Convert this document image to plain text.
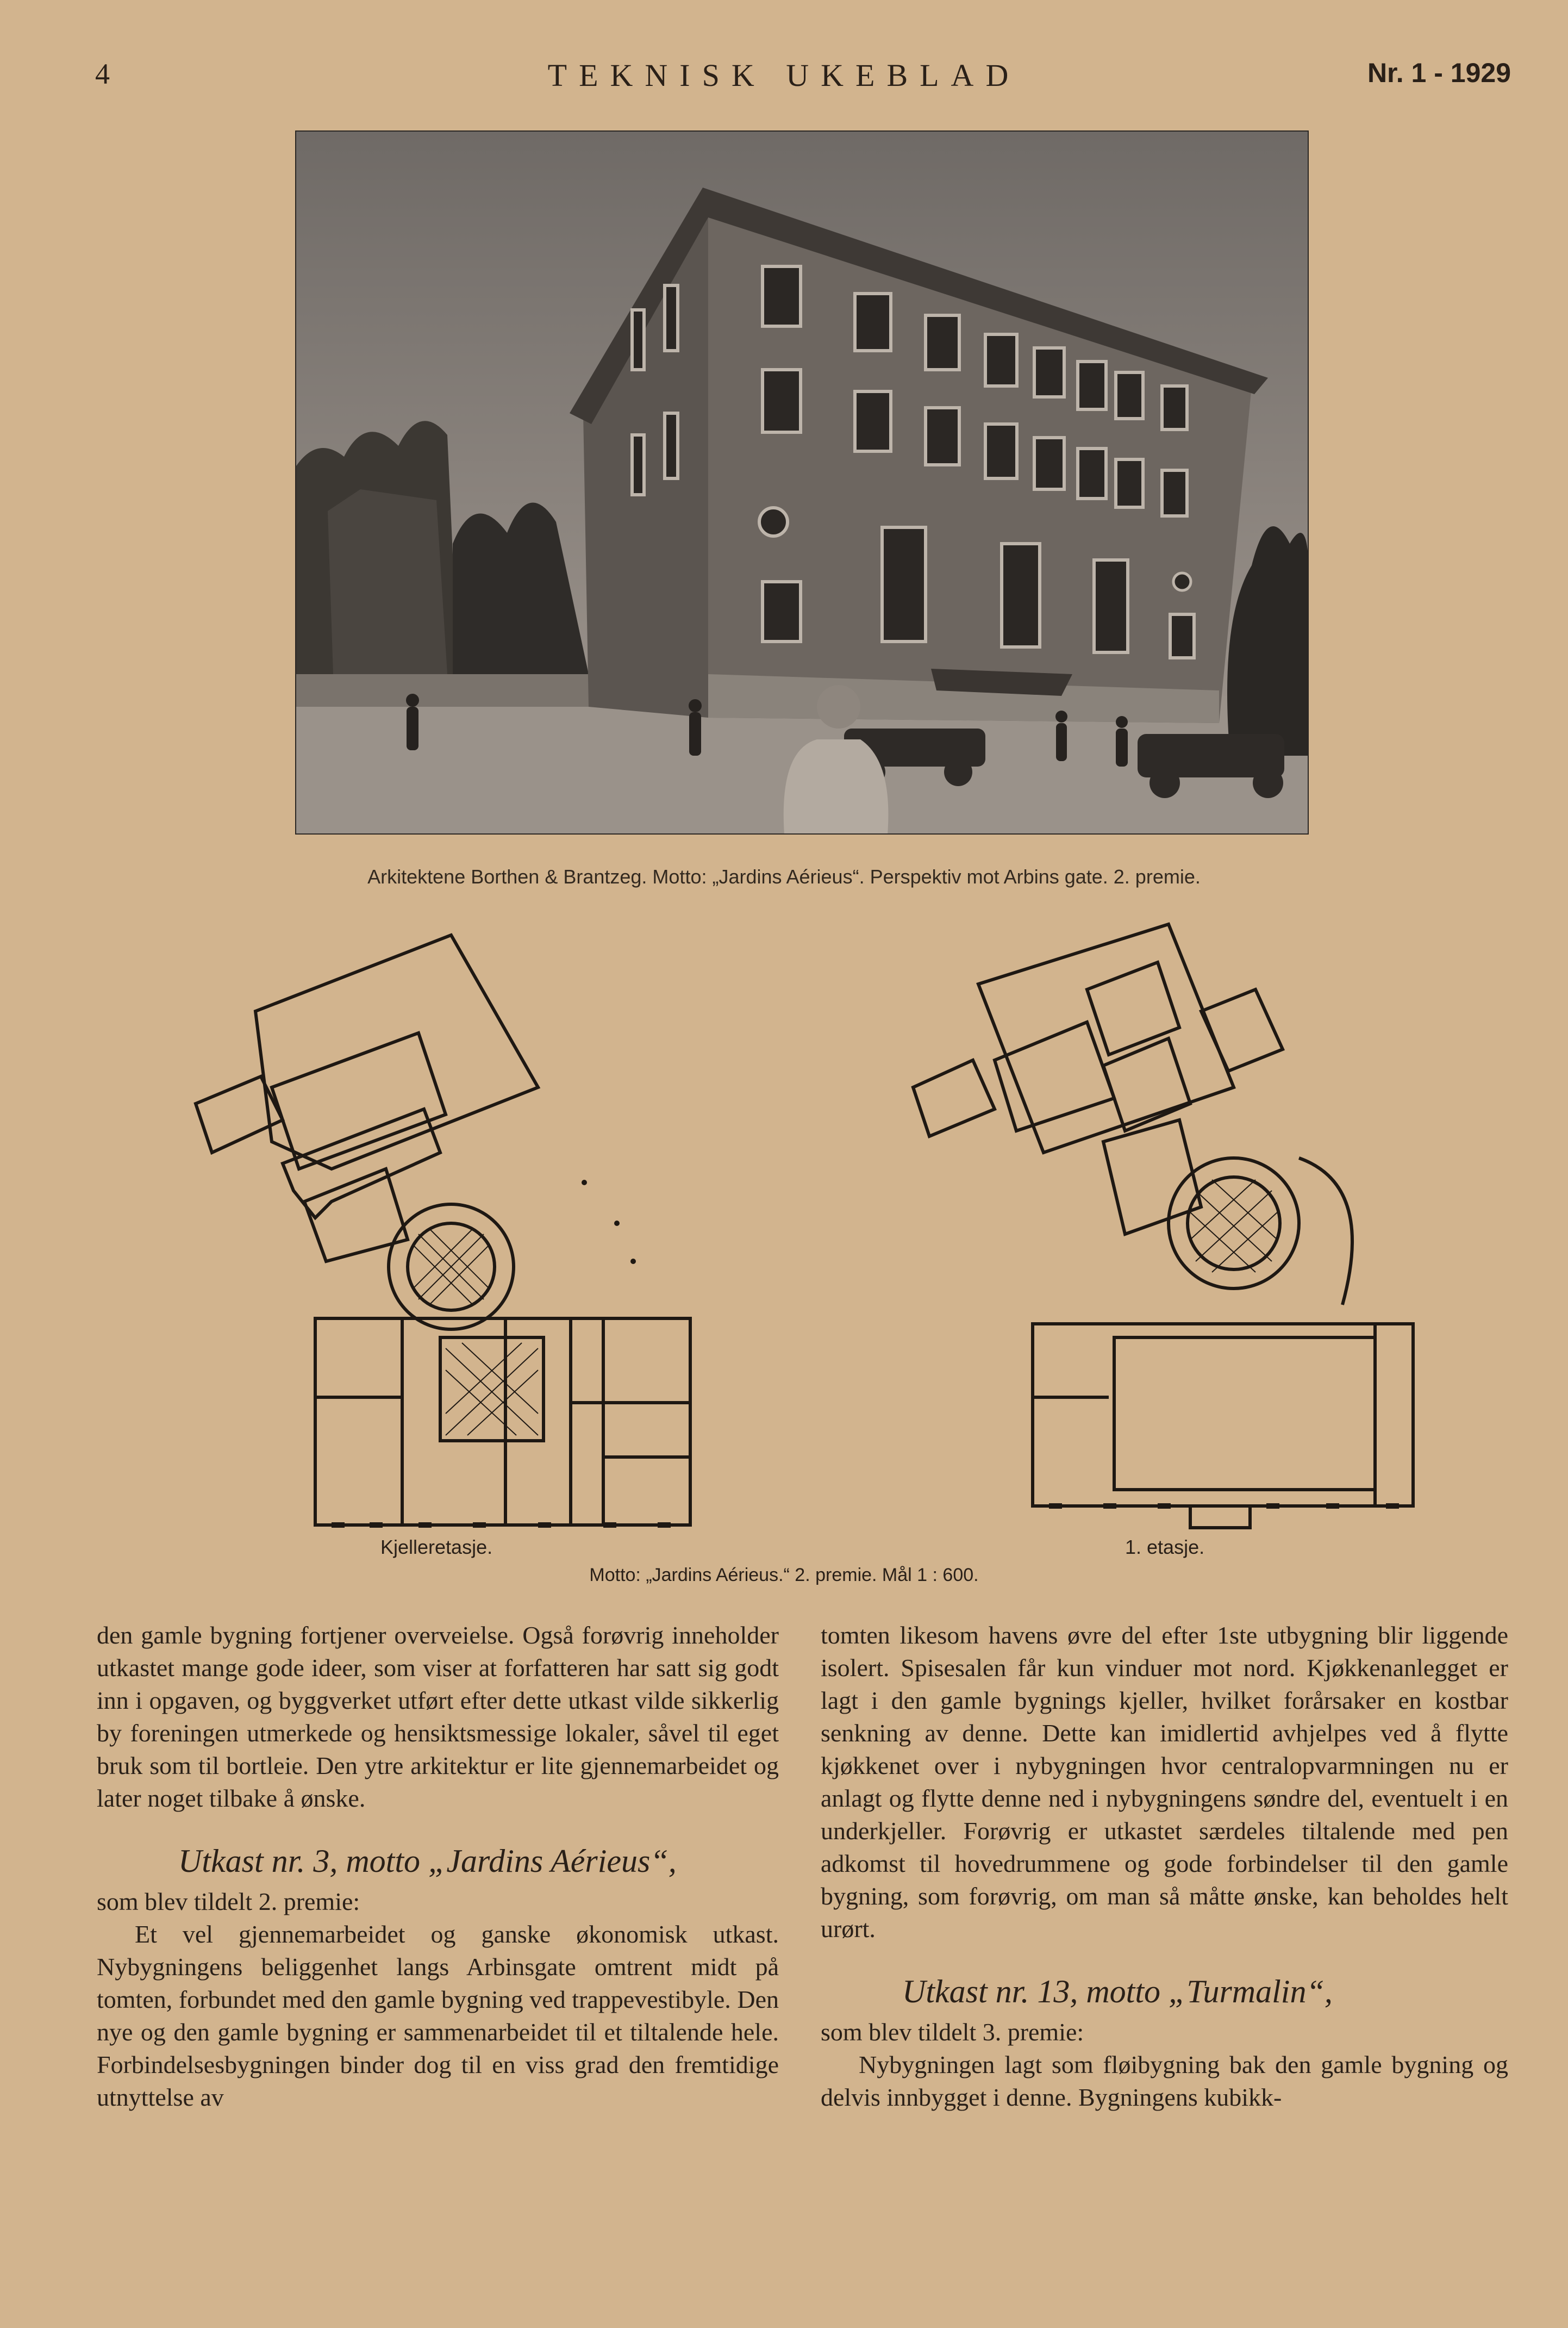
4	TEKNISK UKEBLAD	Nr. 1 - 1929
Arkitektene Borthen & Brantzeg. Motto: „Jardins Aérieus“. Perspektiv mot Arbins gate. 2. premie.
Kjelleretasje.	1. etasje.
Motto: „Jardins Aérieus.“ 2. premie. Mål 1 : 600.

den gamle bygning fortjener overveielse. Også forøvrig inneholder utkastet mange gode ideer, som viser at forfatteren har satt sig godt inn i opgaven, og byggverket utført efter dette utkast vilde sikkerlig by foreningen utmerkede og hensiktsmessige lokaler, såvel til eget bruk som til bortleie. Den ytre arkitektur er lite gjennemarbeidet og later noget tilbake å ønske.

Utkast nr. 3, motto „Jardins Aérieus“,

som blev tildelt 2. premie:

Et vel gjennemarbeidet og ganske økonomisk utkast. Nybygningens beliggenhet langs Arbinsgate omtrent midt på tomten, forbundet med den gamle bygning ved trappevestibyle. Den nye og den gamle bygning er sammenarbeidet til et tiltalende hele. Forbindelsesbygningen binder dog til en viss grad den fremtidige utnyttelse av

tomten likesom havens øvre del efter 1ste utbygning blir liggende isolert. Spisesalen får kun vinduer mot nord. Kjøkkenanlegget er lagt i den gamle bygnings kjeller, hvilket forårsaker en kostbar senkning av denne. Dette kan imidlertid avhjelpes ved å flytte kjøkkenet over i nybygningen hvor centralopvarmningen nu er anlagt og flytte denne ned i nybygningens søndre del, eventuelt i en underkjeller. Forøvrig er utkastet særdeles tiltalende med pen adkomst til hovedrummene og gode forbindelser til den gamle bygning, som forøvrig, om man så måtte ønske, kan beholdes helt urørt.

Utkast nr. 13, motto „Turmalin“,

som blev tildelt 3. premie:

Nybygningen lagt som fløibygning bak den gamle bygning og delvis innbygget i denne. Bygningens kubikk-
